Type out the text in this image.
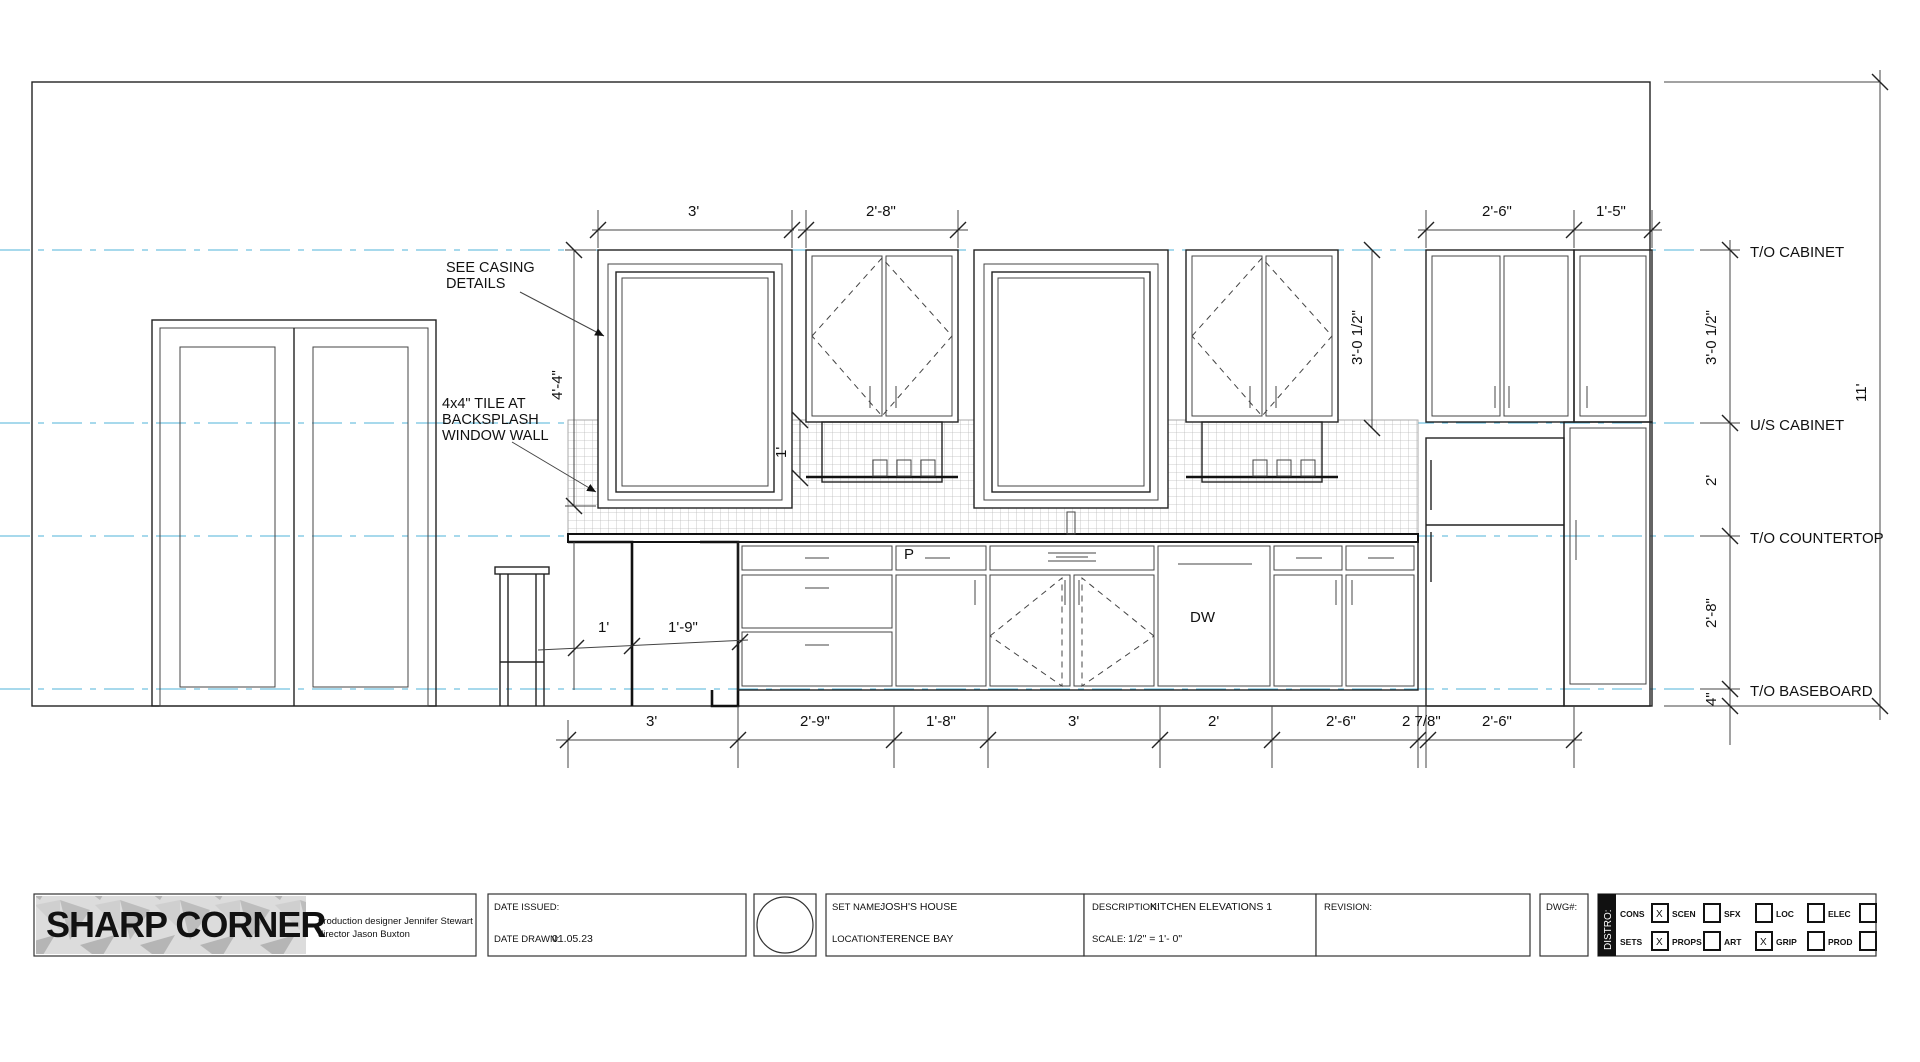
P
DW
SEE CASING
DETAILS
4x4" TILE AT
BACKSPLASH
WINDOW WALL
3'	2'-8"	2'-6"	1'-5"
4'-4"
1'
3'-0 1/2"
1'	1'-9"
3'	2'-9"	1'-8"	3'	2'	2'-6"	2 7/8"	2'-6"
11'
3'-0 1/2"
2'
2'-8"
4"
T/O CABINET
U/S CABINET
T/O COUNTERTOP
T/O BASEBOARD
SHARP CORNER
production designer Jennifer Stewart
director Jason Buxton
DATE ISSUED:
DATE DRAWN:
01.05.23
SET NAME:
JOSH'S HOUSE
LOCATION:
TERENCE BAY
DESCRIPTION:
KITCHEN ELEVATIONS 1
SCALE: 1/2" = 1'- 0"
REVISION:	DWG#:
DISTRO: CONS X
SETS X
SCEN
PROPS
SFX
ART X
LOC
GRIP
ELEC
PROD
